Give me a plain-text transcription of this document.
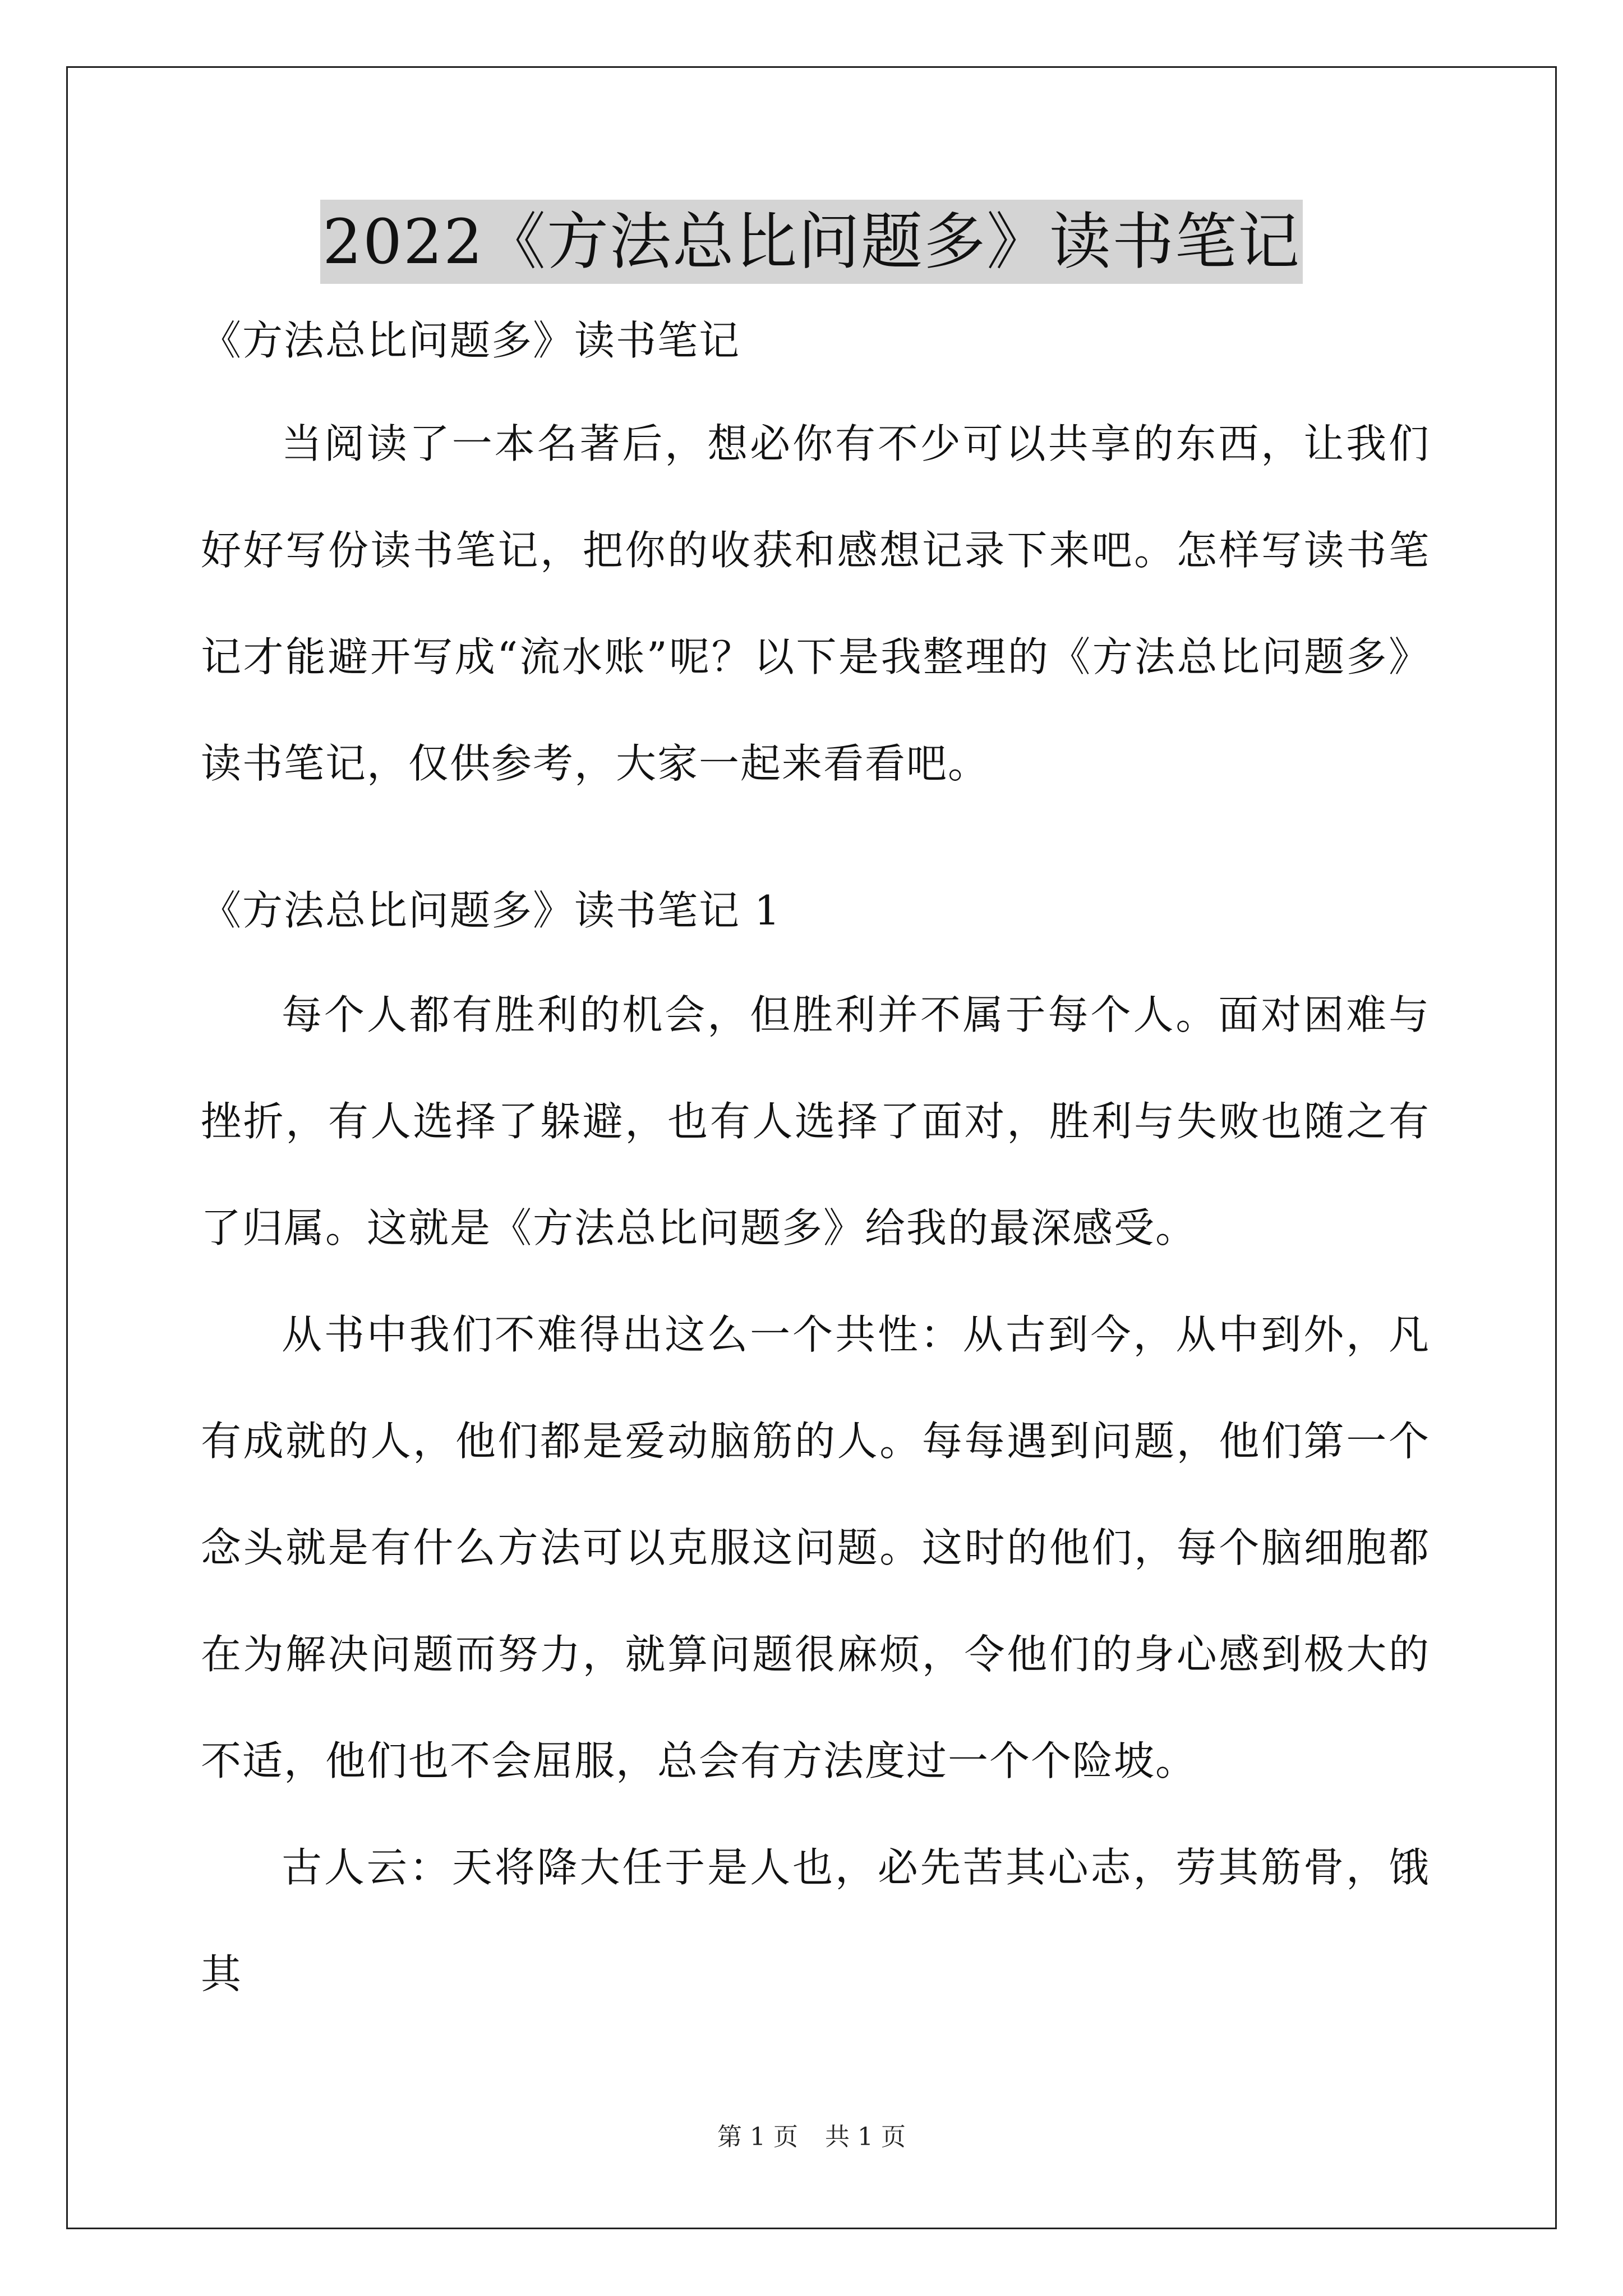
2022《方法总比问题多》读书笔记
《方法总比问题多》读书笔记

当阅读了一本名著后，想必你有不少可以共享的东西，让我们好好写份读书笔记，把你的收获和感想记录下来吧。怎样写读书笔记才能避开写成“流水账”呢？以下是我整理的《方法总比问题多》读书笔记，仅供参考，大家一起来看看吧。

《方法总比问题多》读书笔记 1

每个人都有胜利的机会，但胜利并不属于每个人。面对困难与挫折，有人选择了躲避，也有人选择了面对，胜利与失败也随之有了归属。这就是《方法总比问题多》给我的最深感受。

从书中我们不难得出这么一个共性：从古到今，从中到外，凡有成就的人，他们都是爱动脑筋的人。每每遇到问题，他们第一个念头就是有什么方法可以克服这问题。这时的他们，每个脑细胞都在为解决问题而努力，就算问题很麻烦，令他们的身心感到极大的不适，他们也不会屈服，总会有方法度过一个个险坡。

古人云：天将降大任于是人也，必先苦其心志，劳其筋骨，饿其

第 1 页 共 1 页
